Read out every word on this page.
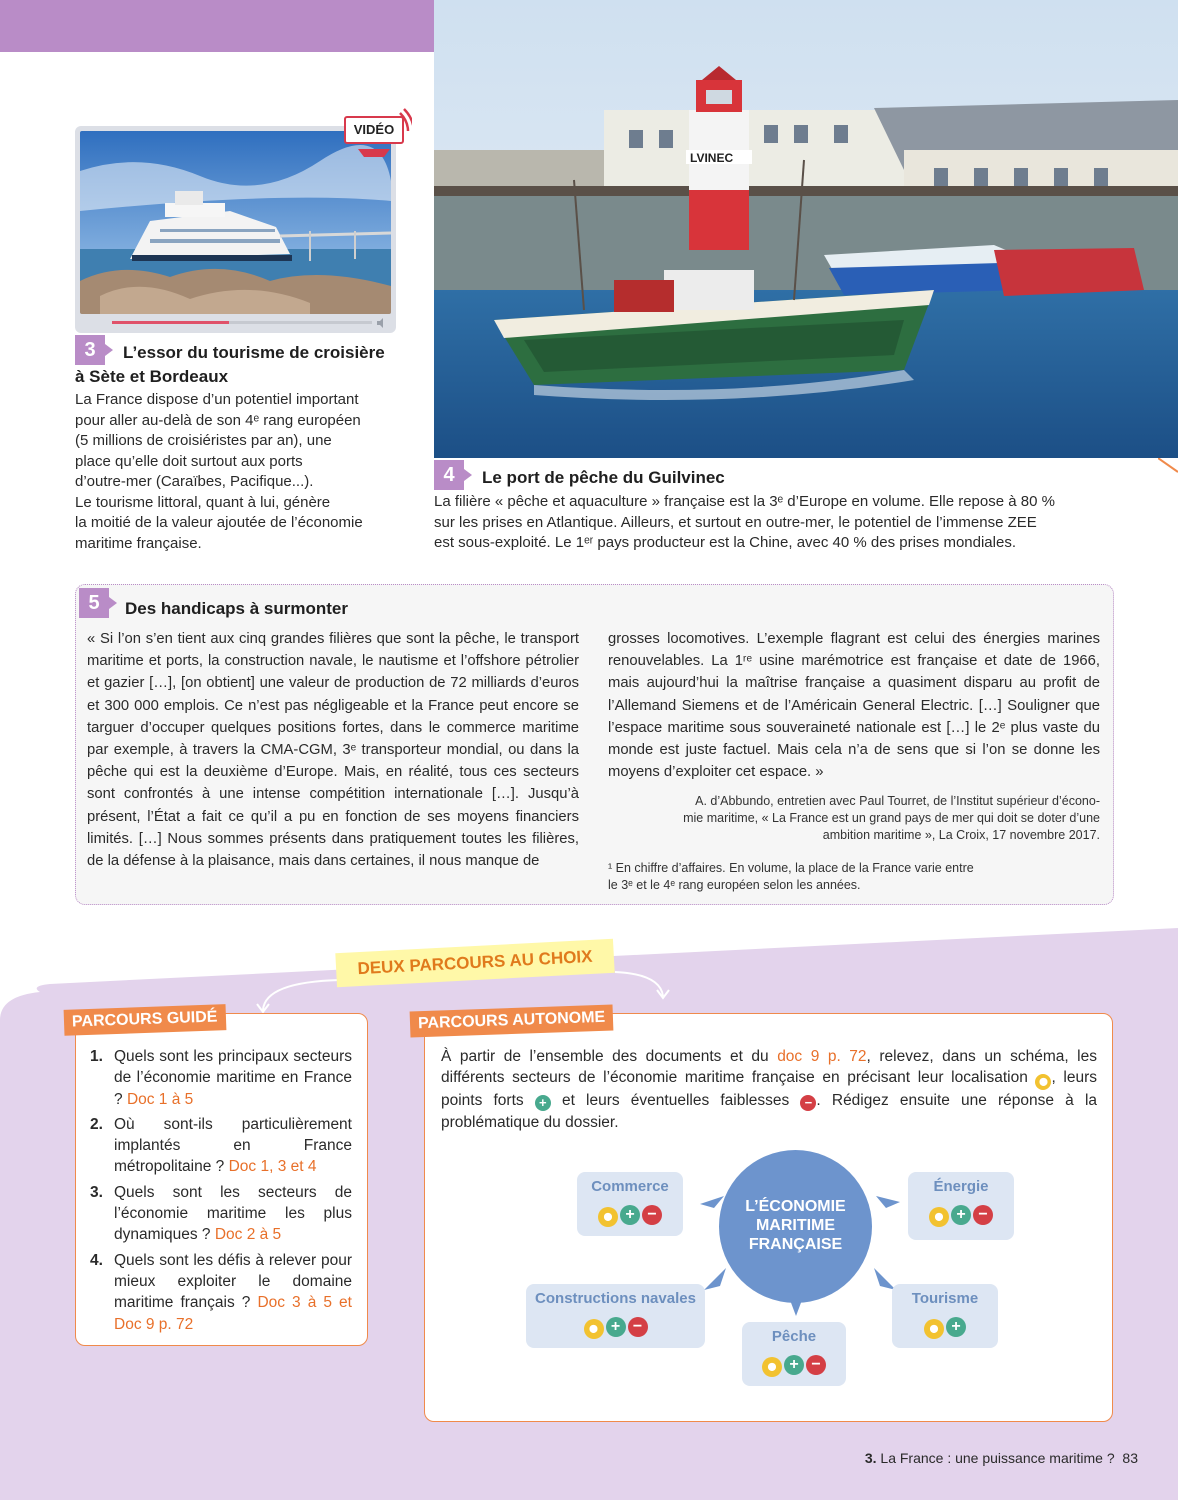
VIDÉO
3	L’essor du tourisme de croisière
à Sète et Bordeaux
La France dispose d’un potentiel important
pour aller au-delà de son 4ᵉ rang européen
(5 millions de croisiéristes par an), une
place qu’elle doit surtout aux ports
d’outre-mer (Caraïbes, Pacifique...).
Le tourisme littoral, quant à lui, génère
la moitié de la valeur ajoutée de l’économie
maritime française.
LVINEC
4	Le port de pêche du Guilvinec
La filière « pêche et aquaculture » française est la 3ᵉ d’Europe en volume. Elle repose à 80 %
sur les prises en Atlantique. Ailleurs, et surtout en outre-mer, le potentiel de l’immense ZEE
est sous-exploité. Le 1ᵉʳ pays producteur est la Chine, avec 40 % des prises mondiales.
5	Des handicaps à surmonter
« Si l’on s’en tient aux cinq grandes filières que sont la pêche, le transport maritime et ports, la construction navale, le nautisme et l’offshore pétrolier et gazier […], [on obtient] une valeur de production de 72 milliards d’euros et 300 000 emplois. Ce n’est pas négligeable et la France peut encore se targuer d’occuper quelques positions fortes, dans le commerce maritime par exemple, à travers la CMA-CGM, 3ᵉ transporteur mondial, ou dans la pêche qui est la deuxième d’Europe. Mais, en réalité, tous ces secteurs sont confrontés à une intense compétition internationale […]. Jusqu’à présent, l’État a fait ce qu’il a pu en fonction de ses moyens financiers limités. […] Nous sommes présents dans pratiquement toutes les filières, de la défense à la plaisance, mais dans certaines, il nous manque de
grosses locomotives. L’exemple flagrant est celui des énergies marines renouvelables. La 1ʳᵉ usine marémotrice est française et date de 1966, mais aujourd’hui la maîtrise française a quasiment disparu au profit de l’Allemand Siemens et de l’Américain General Electric. […] Souligner que l’espace maritime sous souveraineté nationale est […] le 2ᵉ plus vaste du monde est juste factuel. Mais cela n’a de sens que si l’on se donne les moyens d’exploiter cet espace. »
A. d’Abbundo, entretien avec Paul Tourret, de l’Institut supérieur d’écono-
mie maritime, « La France est un grand pays de mer qui doit se doter d’une
ambition maritime », La Croix, 17 novembre 2017.
¹ En chiffre d’affaires. En volume, la place de la France varie entre
le 3ᵉ et le 4ᵉ rang européen selon les années.
DEUX PARCOURS AU CHOIX
PARCOURS GUIDÉ
1. Quels sont les principaux secteurs de l’économie maritime en France ? Doc 1 à 5
2. Où sont-ils particulièrement implantés en France métropolitaine ? Doc 1, 3 et 4
3. Quels sont les secteurs de l’économie maritime les plus dynamiques ? Doc 2 à 5
4. Quels sont les défis à relever pour mieux exploiter le domaine maritime français ? Doc 3 à 5 et Doc 9 p. 72
PARCOURS AUTONOME
À partir de l’ensemble des documents et du doc 9 p. 72, relevez, dans un schéma, les différents secteurs de l’économie maritime française en précisant leur localisation ⬤ , leurs points forts + et leurs éventuelles faiblesses − . Rédigez ensuite une réponse à la problématique du dossier.
L’ÉCONOMIE
MARITIME
FRANÇAISE
Commerce
⬤ + −
Énergie
⬤ + −
Constructions navales
⬤ + −
Tourisme
⬤ +
Pêche
⬤ + −
3. La France : une puissance maritime ? 83
